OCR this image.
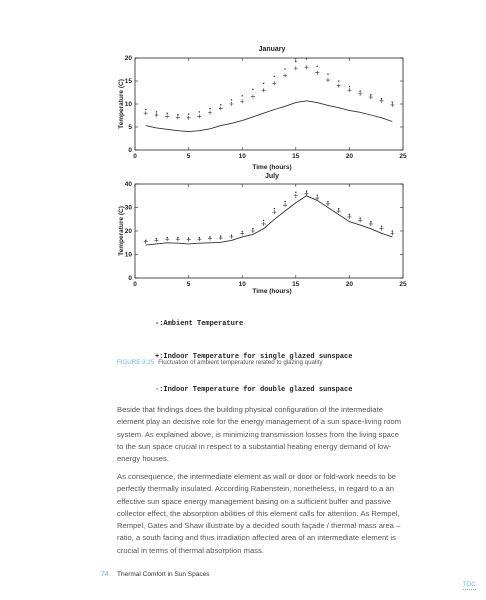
January
0
5
10
15
20
0	5	10	15	20	25
Temperature (C)
Time (hours)
July
0
10
20
30
40
0	5	10	15	20	25
Temperature (C)
Time (hours)

-:Ambient Temperature

+:Indoor Temperature for single glazed sunspace

·:Indoor Temperature for double glazed sunspace

FIGURE 3.25 Fluctuation of ambient temperature related to glazing quality

Beside that findings does the building physical configuration of the intermediate element play an decisive role for the energy management of a sun space-living room system. As explained above, is minimizing transmission losses from the living space to the sun space crucial in respect to a substantial heating energy demand of low-energy houses.

As consequence, the intermediate element as wall or door or fold-work needs to be perfectly thermally insulated. According Rabenstein, nonetheless, in regard to a an effective sun space energy management basing on a sufficient buffer and passive collector effect, the absorption abilities of this element calls for attention. As Rempel, Rempel, Gates and Shaw illustrate by a decided south façade / thermal mass area – ratio, a south facing and thus irradiation affected area of an intermediate element is crucial in terms of thermal absorption mass.

74 Thermal Comfort in Sun Spaces
TOC
